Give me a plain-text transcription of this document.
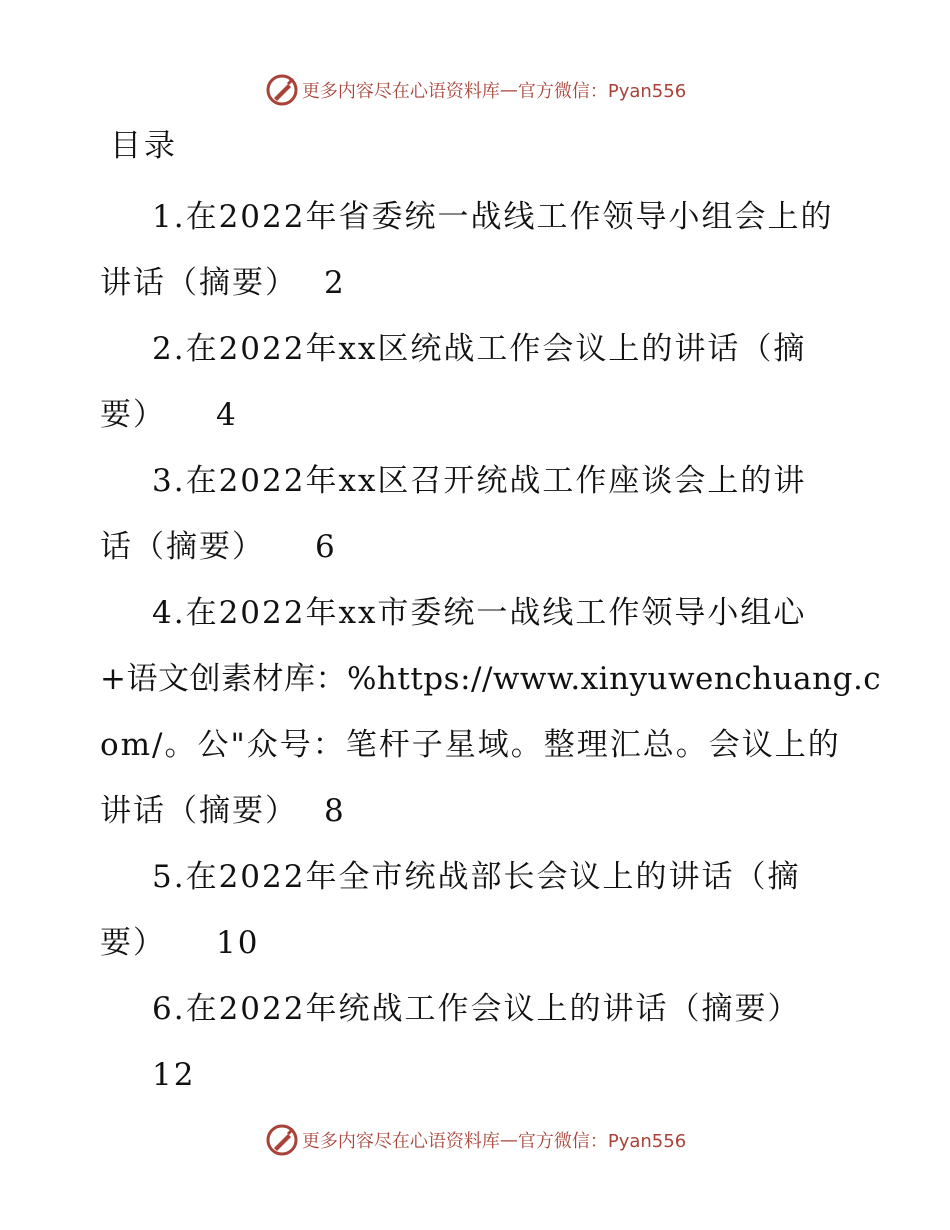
更多内容尽在心语资料库 — 官方微信：Pyan556
目录
1.在2022年省委统一战线工作领导小组会上的
讲话（摘要） 2
2.在2022年xx区统战工作会议上的讲话（摘
要） 4
3.在2022年xx区召开统战工作座谈会上的讲
话（摘要） 6
4.在2022年xx市委统一战线工作领导小组心
+语文创素材库：%https://www.xinyuwenchuang.c
om/。公"众号：笔杆子星域。整理汇总。会议上的
讲话（摘要） 8
5.在2022年全市统战部长会议上的讲话（摘
要） 10
6.在2022年统战工作会议上的讲话（摘要）
12
更多内容尽在心语资料库 — 官方微信：Pyan556
